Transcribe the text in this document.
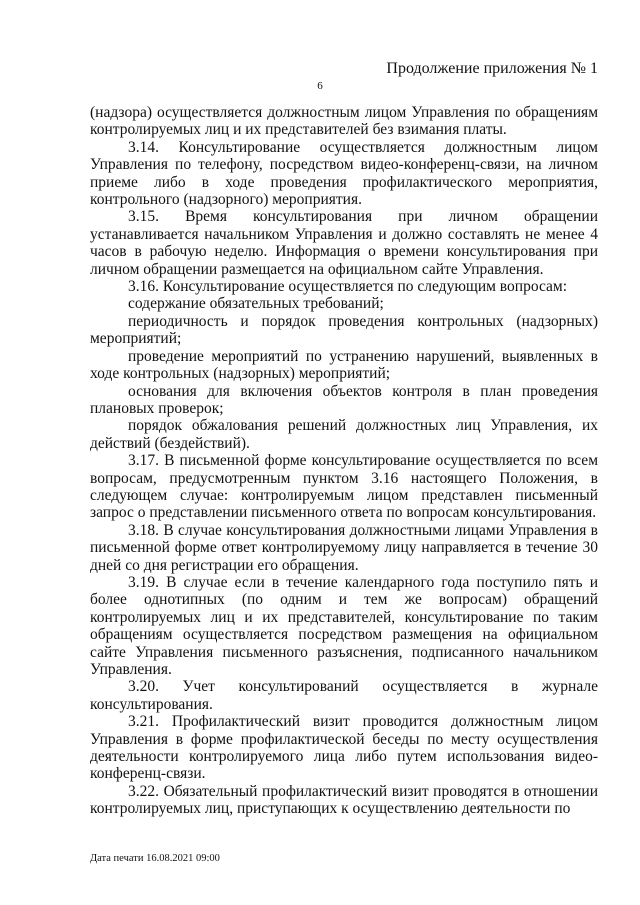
Продолжение приложения № 1
6

(надзора) осуществляется должностным лицом Управления по обращениям контролируемых лиц и их представителей без взимания платы.

3.14. Консультирование осуществляется должностным лицом Управления по телефону, посредством видео-конференц-связи, на личном приеме либо в ходе проведения профилактического мероприятия, контрольного (надзорного) мероприятия.

3.15. Время консультирования при личном обращении устанавливается начальником Управления и должно составлять не менее 4 часов в рабочую неделю. Информация о времени консультирования при личном обращении размещается на официальном сайте Управления.

3.16. Консультирование осуществляется по следующим вопросам:

содержание обязательных требований;

периодичность и порядок проведения контрольных (надзорных) мероприятий;

проведение мероприятий по устранению нарушений, выявленных в ходе контрольных (надзорных) мероприятий;

основания для включения объектов контроля в план проведения плановых проверок;

порядок обжалования решений должностных лиц Управления, их действий (бездействий).

3.17. В письменной форме консультирование осуществляется по всем вопросам, предусмотренным пунктом 3.16 настоящего Положения, в следующем случае: контролируемым лицом представлен письменный запрос о представлении письменного ответа по вопросам консультирования.

3.18. В случае консультирования должностными лицами Управления в письменной форме ответ контролируемому лицу направляется в течение 30 дней со дня регистрации его обращения.

3.19. В случае если в течение календарного года поступило пять и более однотипных (по одним и тем же вопросам) обращений контролируемых лиц и их представителей, консультирование по таким обращениям осуществляется посредством размещения на официальном сайте Управления письменного разъяснения, подписанного начальником Управления.

3.20. Учет консультирований осуществляется в журнале консультирования.

3.21. Профилактический визит проводится должностным лицом Управления в форме профилактической беседы по месту осуществления деятельности контролируемого лица либо путем использования видео-конференц-связи.

3.22. Обязательный профилактический визит проводятся в отношении контролируемых лиц, приступающих к осуществлению деятельности по

Дата печати 16.08.2021 09:00
